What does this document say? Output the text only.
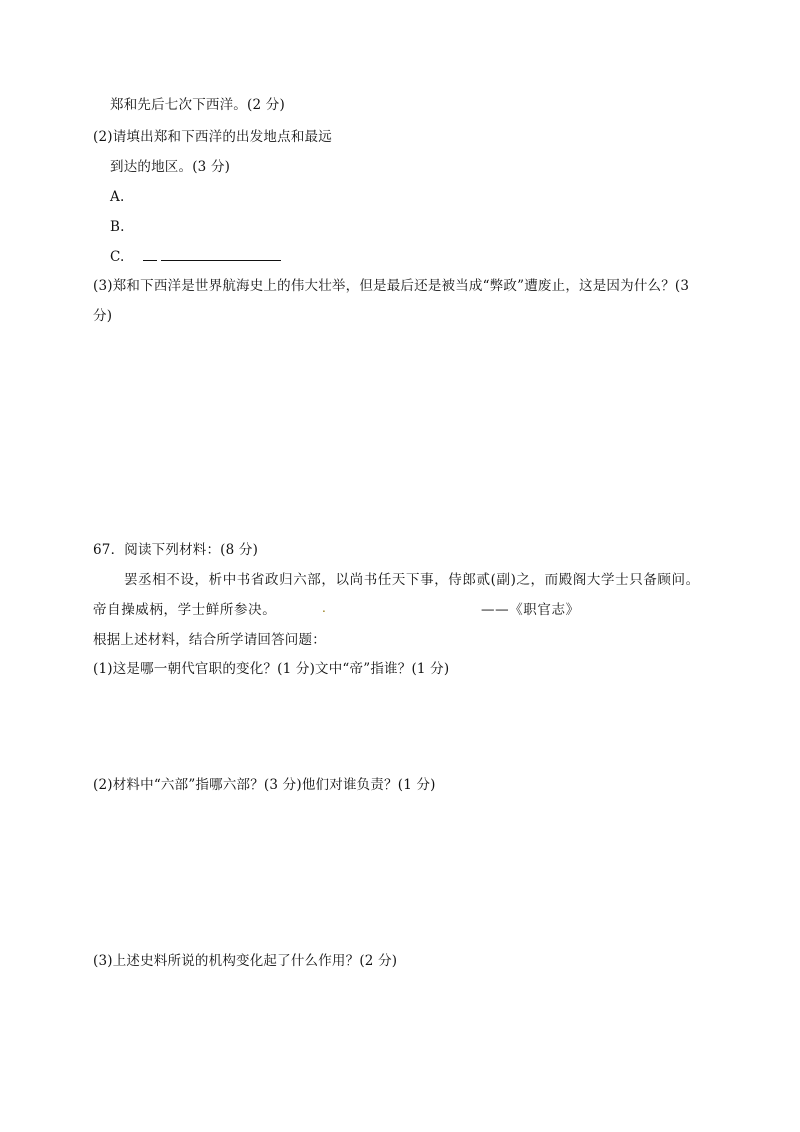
郑和先后七次下西洋。(2 分)
(2)请填出郑和下西洋的出发地点和最远
到达的地区。(3 分)
A.
B.
C.
(3)郑和下西洋是世界航海史上的伟大壮举，但是最后还是被当成“弊政”遭废止，这是因为什么？(3
分)
67．阅读下列材料：(8 分)
罢丞相不设，析中书省政归六部，以尚书任天下事，侍郎贰(副)之，而殿阁大学士只备顾问。
帝自操威柄，学士鲜所参决。	.	——《职官志》
根据上述材料，结合所学请回答问题：
(1)这是哪一朝代官职的变化？(1 分)文中“帝”指谁？(1 分)
(2)材料中“六部”指哪六部？(3 分)他们对谁负责？(1 分)
(3)上述史料所说的机构变化起了什么作用？(2 分)
